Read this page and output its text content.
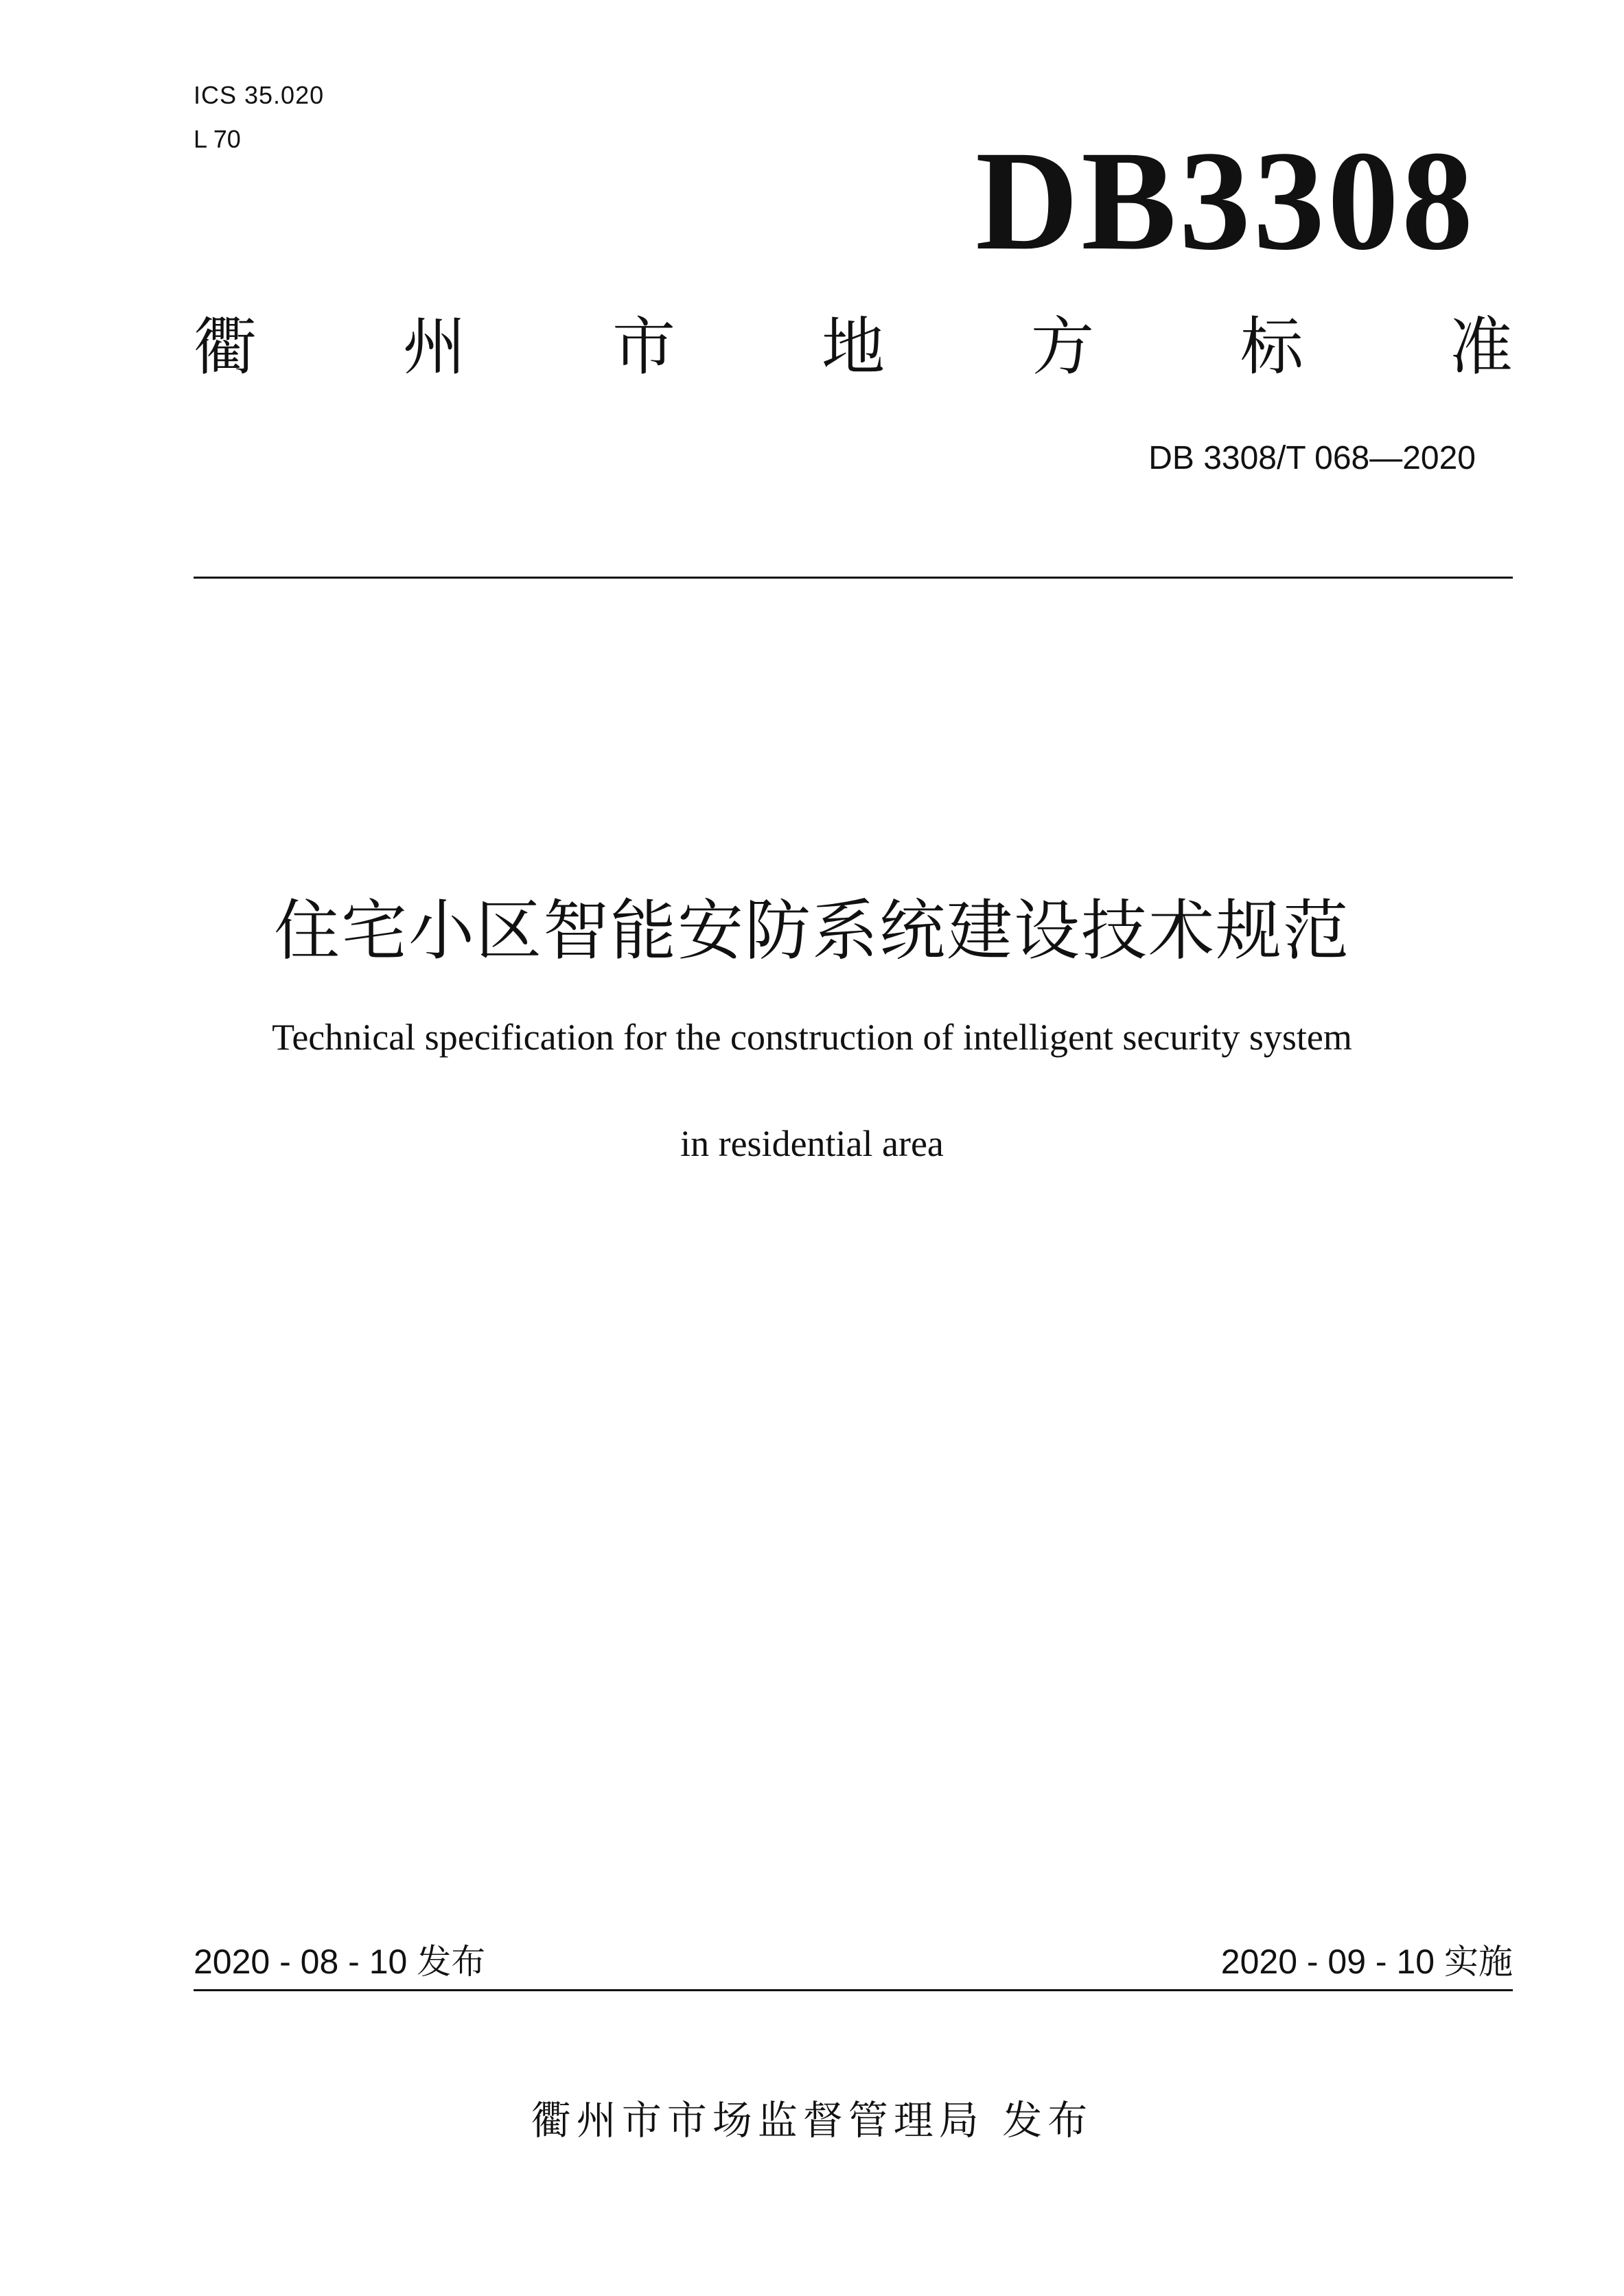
ICS 35.020
L 70	DB3308
衢 州 市 地 方 标 准
DB 3308/T 068—2020
住宅小区智能安防系统建设技术规范
Technical specification for the construction of intelligent security system
in residential area
2020 - 08 - 10 发布	2020 - 09 - 10 实施
衢州市市场监督管理局 发布
